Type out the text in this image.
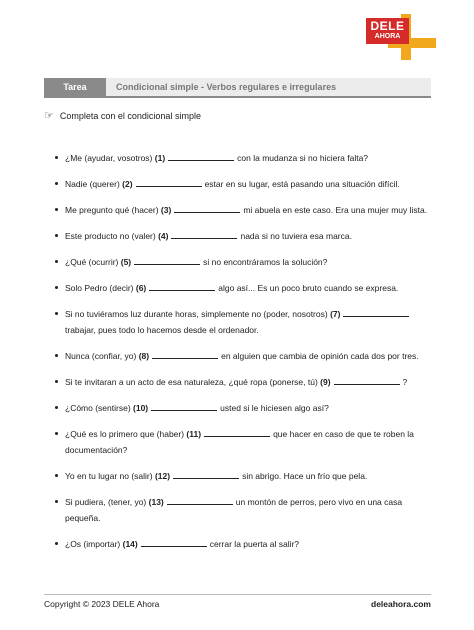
DELE
AHORA
Tarea	Condicional simple - Verbos regulares e irregulares
☞ Completa con el condicional simple
¿Me (ayudar, vosotros) (1)	con la mudanza si no hiciera falta?
Nadie (querer) (2)	estar en su lugar, está pasando una situación difícil.
Me pregunto qué (hacer) (3)	mi abuela en este caso. Era una mujer muy lista.
Este producto no (valer) (4)	nada si no tuviera esa marca.
¿Qué (ocurrir) (5)	si no encontráramos la solución?
Solo Pedro (decir) (6)	algo así... Es un poco bruto cuando se expresa.
Si no tuviéramos luz durante horas, simplemente no (poder, nosotros) (7)trabajar, pues todo lo hacemos desde el ordenador.
Nunca (confiar, yo) (8)	en alguien que cambia de opinión cada dos por tres.
Si te invitaran a un acto de esa naturaleza, ¿qué ropa (ponerse, tú) (9)	?
¿Cómo (sentirse) (10)	usted si le hiciesen algo así?
¿Qué es lo primero que (haber) (11)	que hacer en caso de que te roben la documentación?
Yo en tu lugar no (salir) (12)	sin abrigo. Hace un frío que pela.
Si pudiera, (tener, yo) (13)	un montón de perros, pero vivo en una casa pequeña.
¿Os (importar) (14)	cerrar la puerta al salir?
Copyright © 2023 DELE Ahora	deleahora.com
